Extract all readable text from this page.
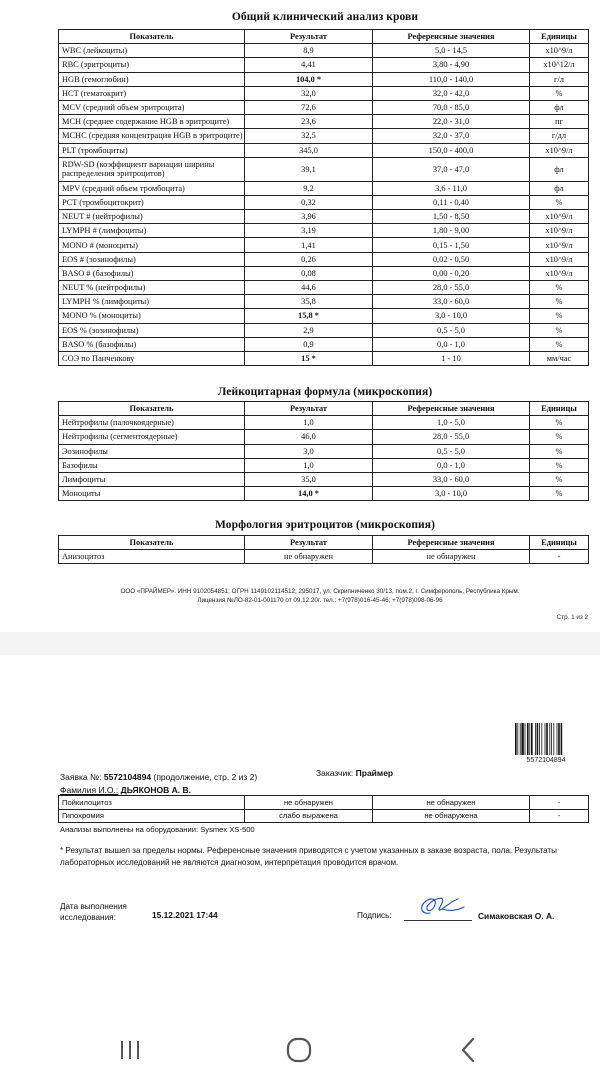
Общий клинический анализ крови
Показатель	Результат	Референсные значения	Единицы
WBC (лейкоциты)	8,9	5,0 - 14,5	x10^9/л
RBC (эритроциты)	4,41	3,80 - 4,90	x10^12/л
HGB (гемоглобин)	104,0 *	110,0 - 140,0	г/л
HCT (гематокрит)	32,0	32,0 - 42,0	%
MCV (средний объем эритроцита)	72,6	70,0 - 85,0	фл
MCH (среднее содержание HGB в эритроците)	23,6	22,0 - 31,0	пг
MCHC (средняя концентрация HGB в эритроците)	32,5	32,0 - 37,0	г/дл
PLT (тромбоциты)	345,0	150,0 - 400,0	x10^9/л
RDW-SD (коэффициент вариации ширины распределения эритроцитов)	39,1	37,0 - 47,0	фл
MPV (средний объем тромбоцита)	9,2	3,6 - 11,0	фл
PCT (тромбоцитокрит)	0,32	0,11 - 0,40	%
NEUT # (нейтрофилы)	3,96	1,50 - 8,50	x10^9/л
LYMPH # (лимфоциты)	3,19	1,80 - 9,00	x10^9/л
MONO # (моноциты)	1,41	0,15 - 1,50	x10^9/л
EOS # (эозинофилы)	0,26	0,02 - 0,50	x10^9/л
BASO # (базофилы)	0,08	0,00 - 0,20	x10^9/л
NEUT % (нейтрофилы)	44,6	28,0 - 55,0	%
LYMPH % (лимфоциты)	35,8	33,0 - 60,0	%
MONO % (моноциты)	15,8 *	3,0 - 10,0	%
EOS % (эозинофилы)	2,9	0,5 - 5,0	%
BASO % (базофилы)	0,9	0,0 - 1,0	%
СОЭ по Панченкову	15 *	1 - 10	мм/час
Лейкоцитарная формула (микроскопия)
Показатель	Результат	Референсные значения	Единицы
Нейтрофилы (палочкоядерные)	1,0	1,0 - 5,0	%
Нейтрофилы (сегментоядерные)	46,0	28,0 - 55,0	%
Эозинофилы	3,0	0,5 - 5,0	%
Базофилы	1,0	0,0 - 1,0	%
Лимфоциты	35,0	33,0 - 60,0	%
Моноциты	14,0 *	3,0 - 10,0	%
Морфология эритроцитов (микроскопия)
Показатель	Результат	Референсные значения	Единицы
Анизоцитоз	не обнаружен	не обнаружен	-
ООО «ПРАЙМЕР». ИНН 9102054851; ОГРН 1149102114512; 295017, ул. Скрипниченко 30/13, пом.2, г. Симферополь, Республика Крым.
Лицензия №ЛО-82-01-001170 от 09.12.20г. тел.: +7(978)016-45-46; +7(978)098-06-96
Стр. 1 из 2
5572104894
Заявка №: 5572104894 (продолжение, стр. 2 из 2)	Заказчик: Праймер
Фамилия И.О.: ДЬЯКОНОВ А. В.
Пойкилоцитоз	не обнаружен	не обнаружен	-
Гипохромия	слабо выражена	не обнаружена	-
Анализы выполнены на оборудовании: Sysmex XS-500
* Результат вышел за пределы нормы. Референсные значения приводятся с учетом указанных в заказе возраста, пола. Результаты лабораторных исследований не являются диагнозом, интерпретация проводится врачом.
Дата выполнения исследования:	15.12.2021 17:44	Подпись:	Симаковская О. А.
